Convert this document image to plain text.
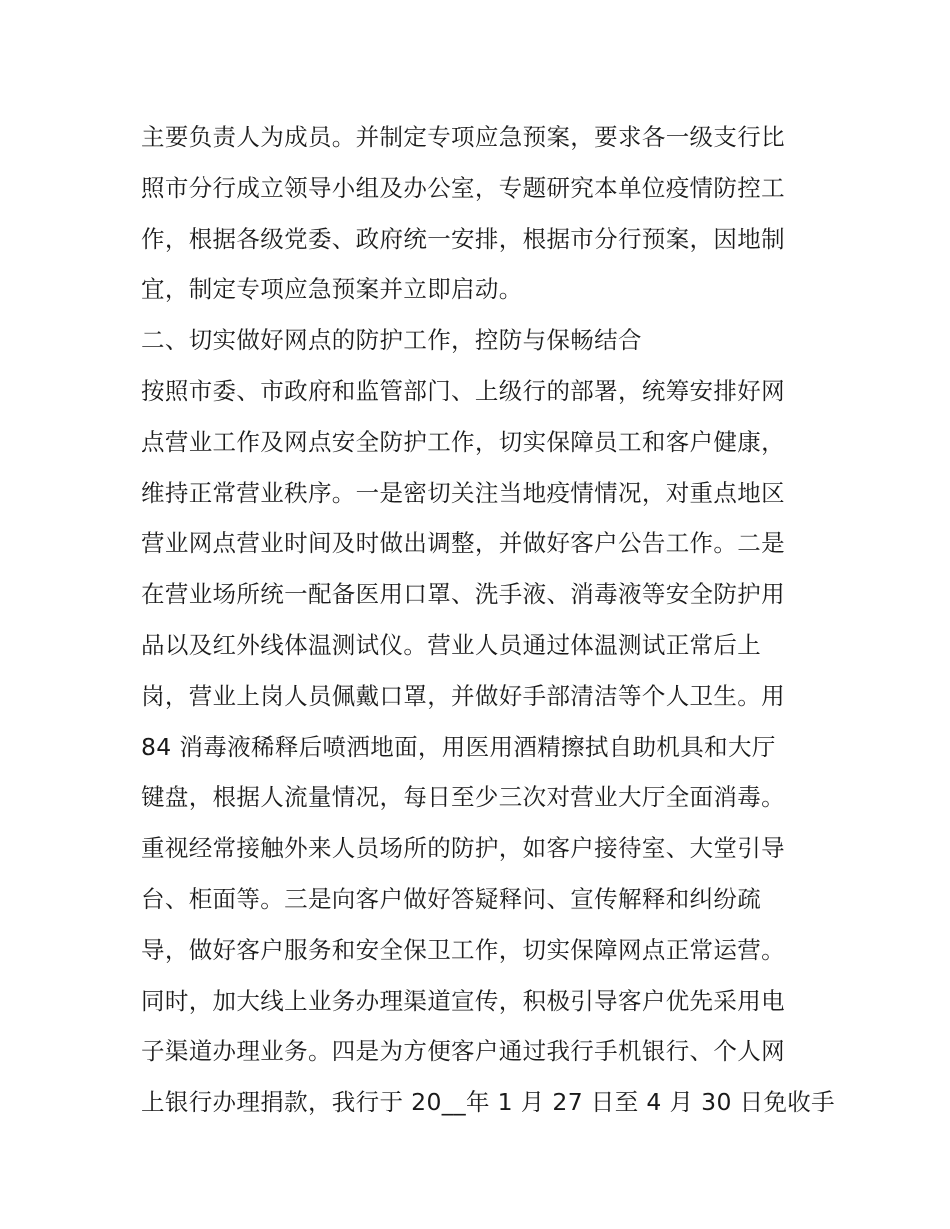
主要负责人为成员。并制定专项应急预案，要求各一级支行比
照市分行成立领导小组及办公室，专题研究本单位疫情防控工
作，根据各级党委、政府统一安排，根据市分行预案，因地制
宜，制定专项应急预案并立即启动。
二、切实做好网点的防护工作，控防与保畅结合
按照市委、市政府和监管部门、上级行的部署，统筹安排好网
点营业工作及网点安全防护工作，切实保障员工和客户健康，
维持正常营业秩序。一是密切关注当地疫情情况，对重点地区
营业网点营业时间及时做出调整，并做好客户公告工作。二是
在营业场所统一配备医用口罩、洗手液、消毒液等安全防护用
品以及红外线体温测试仪。营业人员通过体温测试正常后上
岗，营业上岗人员佩戴口罩，并做好手部清洁等个人卫生。用
84 消毒液稀释后喷洒地面，用医用酒精擦拭自助机具和大厅
键盘，根据人流量情况，每日至少三次对营业大厅全面消毒。
重视经常接触外来人员场所的防护，如客户接待室、大堂引导
台、柜面等。三是向客户做好答疑释问、宣传解释和纠纷疏
导，做好客户服务和安全保卫工作，切实保障网点正常运营。
同时，加大线上业务办理渠道宣传，积极引导客户优先采用电
子渠道办理业务。四是为方便客户通过我行手机银行、个人网
上银行办理捐款，我行于 20__年 1 月 27 日至 4 月 30 日免收手
